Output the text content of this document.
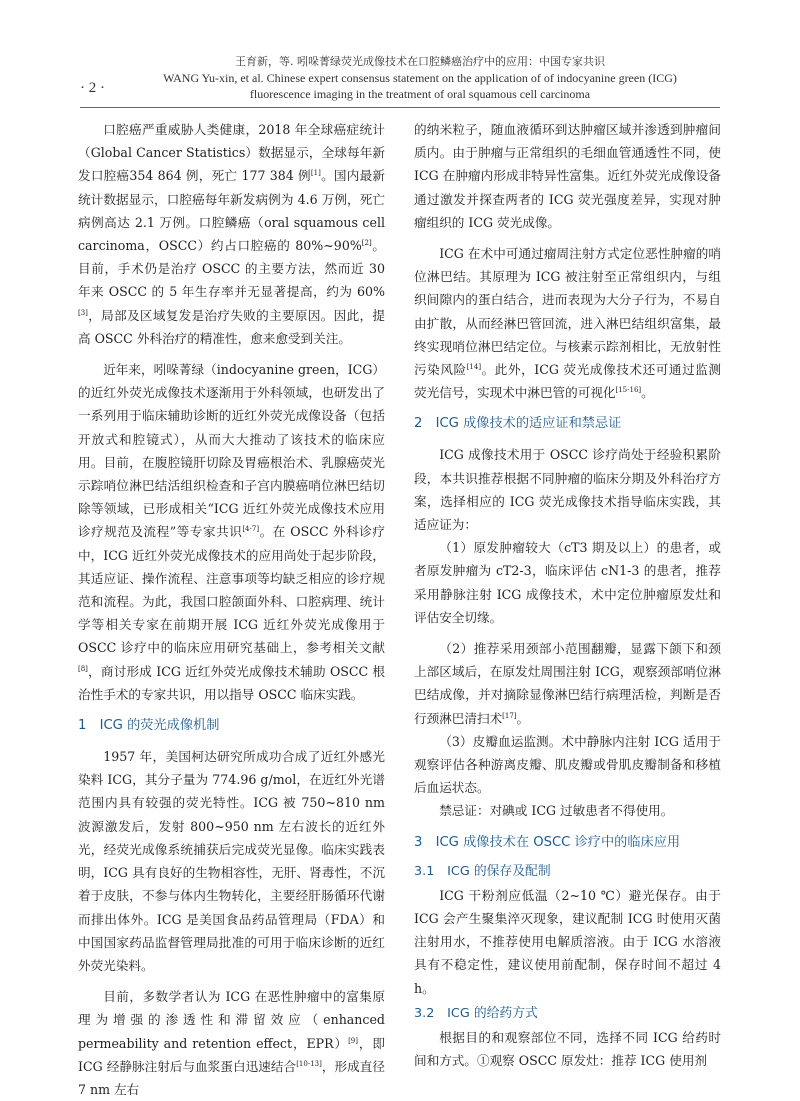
· 2 ·
王育新，等. 吲哚菁绿荧光成像技术在口腔鳞癌治疗中的应用：中国专家共识
WANG Yu-xin, et al. Chinese expert consensus statement on the application of of indocyanine green (ICG)
fluorescence imaging in the treatment of oral squamous cell carcinoma

口腔癌严重威胁人类健康，2018 年全球癌症统计（Global Cancer Statistics）数据显示，全球每年新发口腔癌354 864 例，死亡 177 384 例[1]。国内最新统计数据显示，口腔癌每年新发病例为 4.6 万例，死亡病例高达 2.1 万例。口腔鳞癌（oral squamous cell carcinoma，OSCC）约占口腔癌的 80%~90%[2]。目前，手术仍是治疗 OSCC 的主要方法，然而近 30 年来 OSCC 的 5 年生存率并无显著提高，约为 60%[3]，局部及区域复发是治疗失败的主要原因。因此，提高 OSCC 外科治疗的精准性，愈来愈受到关注。

近年来，吲哚菁绿（indocyanine green，ICG）的近红外荧光成像技术逐渐用于外科领域，也研发出了一系列用于临床辅助诊断的近红外荧光成像设备（包括开放式和腔镜式），从而大大推动了该技术的临床应用。目前，在腹腔镜肝切除及胃癌根治术、乳腺癌荧光示踪哨位淋巴结活组织检查和子宫内膜癌哨位淋巴结切除等领域，已形成相关“ICG 近红外荧光成像技术应用诊疗规范及流程”等专家共识[4-7]。在 OSCC 外科诊疗中，ICG 近红外荧光成像技术的应用尚处于起步阶段，其适应证、操作流程、注意事项等均缺乏相应的诊疗规范和流程。为此，我国口腔颌面外科、口腔病理、统计学等相关专家在前期开展 ICG 近红外荧光成像用于 OSCC 诊疗中的临床应用研究基础上，参考相关文献[8]，商讨形成 ICG 近红外荧光成像技术辅助 OSCC 根治性手术的专家共识，用以指导 OSCC 临床实践。

1　ICG 的荧光成像机制

1957 年，美国柯达研究所成功合成了近红外感光染料 ICG，其分子量为 774.96 g/mol，在近红外光谱范围内具有较强的荧光特性。ICG 被 750~810 nm 波源激发后，发射 800~950 nm 左右波长的近红外光，经荧光成像系统捕获后完成荧光显像。临床实践表明，ICG 具有良好的生物相容性，无肝、肾毒性，不沉着于皮肤，不参与体内生物转化，主要经肝肠循环代谢而排出体外。ICG 是美国食品药品管理局（FDA）和中国国家药品监督管理局批准的可用于临床诊断的近红外荧光染料。

目前，多数学者认为 ICG 在恶性肿瘤中的富集原理为增强的渗透性和滞留效应（enhanced permeability and retention effect，EPR）[9]，即 ICG 经静脉注射后与血浆蛋白迅速结合[10-13]，形成直径 7 nm 左右

的纳米粒子，随血液循环到达肿瘤区域并渗透到肿瘤间质内。由于肿瘤与正常组织的毛细血管通透性不同，使 ICG 在肿瘤内形成非特异性富集。近红外荧光成像设备通过激发并探查两者的 ICG 荧光强度差异，实现对肿瘤组织的 ICG 荧光成像。

ICG 在术中可通过瘤周注射方式定位恶性肿瘤的哨位淋巴结。其原理为 ICG 被注射至正常组织内，与组织间隙内的蛋白结合，进而表现为大分子行为，不易自由扩散，从而经淋巴管回流，进入淋巴结组织富集，最终实现哨位淋巴结定位。与核素示踪剂相比，无放射性污染风险[14]。此外，ICG 荧光成像技术还可通过监测荧光信号，实现术中淋巴管的可视化[15-16]。

2　ICG 成像技术的适应证和禁忌证

ICG 成像技术用于 OSCC 诊疗尚处于经验积累阶段，本共识推荐根据不同肿瘤的临床分期及外科治疗方案，选择相应的 ICG 荧光成像技术指导临床实践，其适应证为：

（1）原发肿瘤较大（cT3 期及以上）的患者，或者原发肿瘤为 cT2-3，临床评估 cN1-3 的患者，推荐采用静脉注射 ICG 成像技术，术中定位肿瘤原发灶和评估安全切缘。

（2）推荐采用颈部小范围翻瓣，显露下颌下和颈上部区域后，在原发灶周围注射 ICG，观察颈部哨位淋巴结成像，并对摘除显像淋巴结行病理活检，判断是否行颈淋巴清扫术[17]。

（3）皮瓣血运监测。术中静脉内注射 ICG 适用于观察评估各种游离皮瓣、肌皮瓣或骨肌皮瓣制备和移植后血运状态。

禁忌证：对碘或 ICG 过敏患者不得使用。

3　ICG 成像技术在 OSCC 诊疗中的临床应用
3.1　ICG 的保存及配制

ICG 干粉剂应低温（2~10 ℃）避光保存。由于 ICG 会产生聚集淬灭现象，建议配制 ICG 时使用灭菌注射用水，不推荐使用电解质溶液。由于 ICG 水溶液具有不稳定性，建议使用前配制，保存时间不超过 4 h。

3.2　ICG 的给药方式

根据目的和观察部位不同，选择不同 ICG 给药时间和方式。①观察 OSCC 原发灶：推荐 ICG 使用剂
